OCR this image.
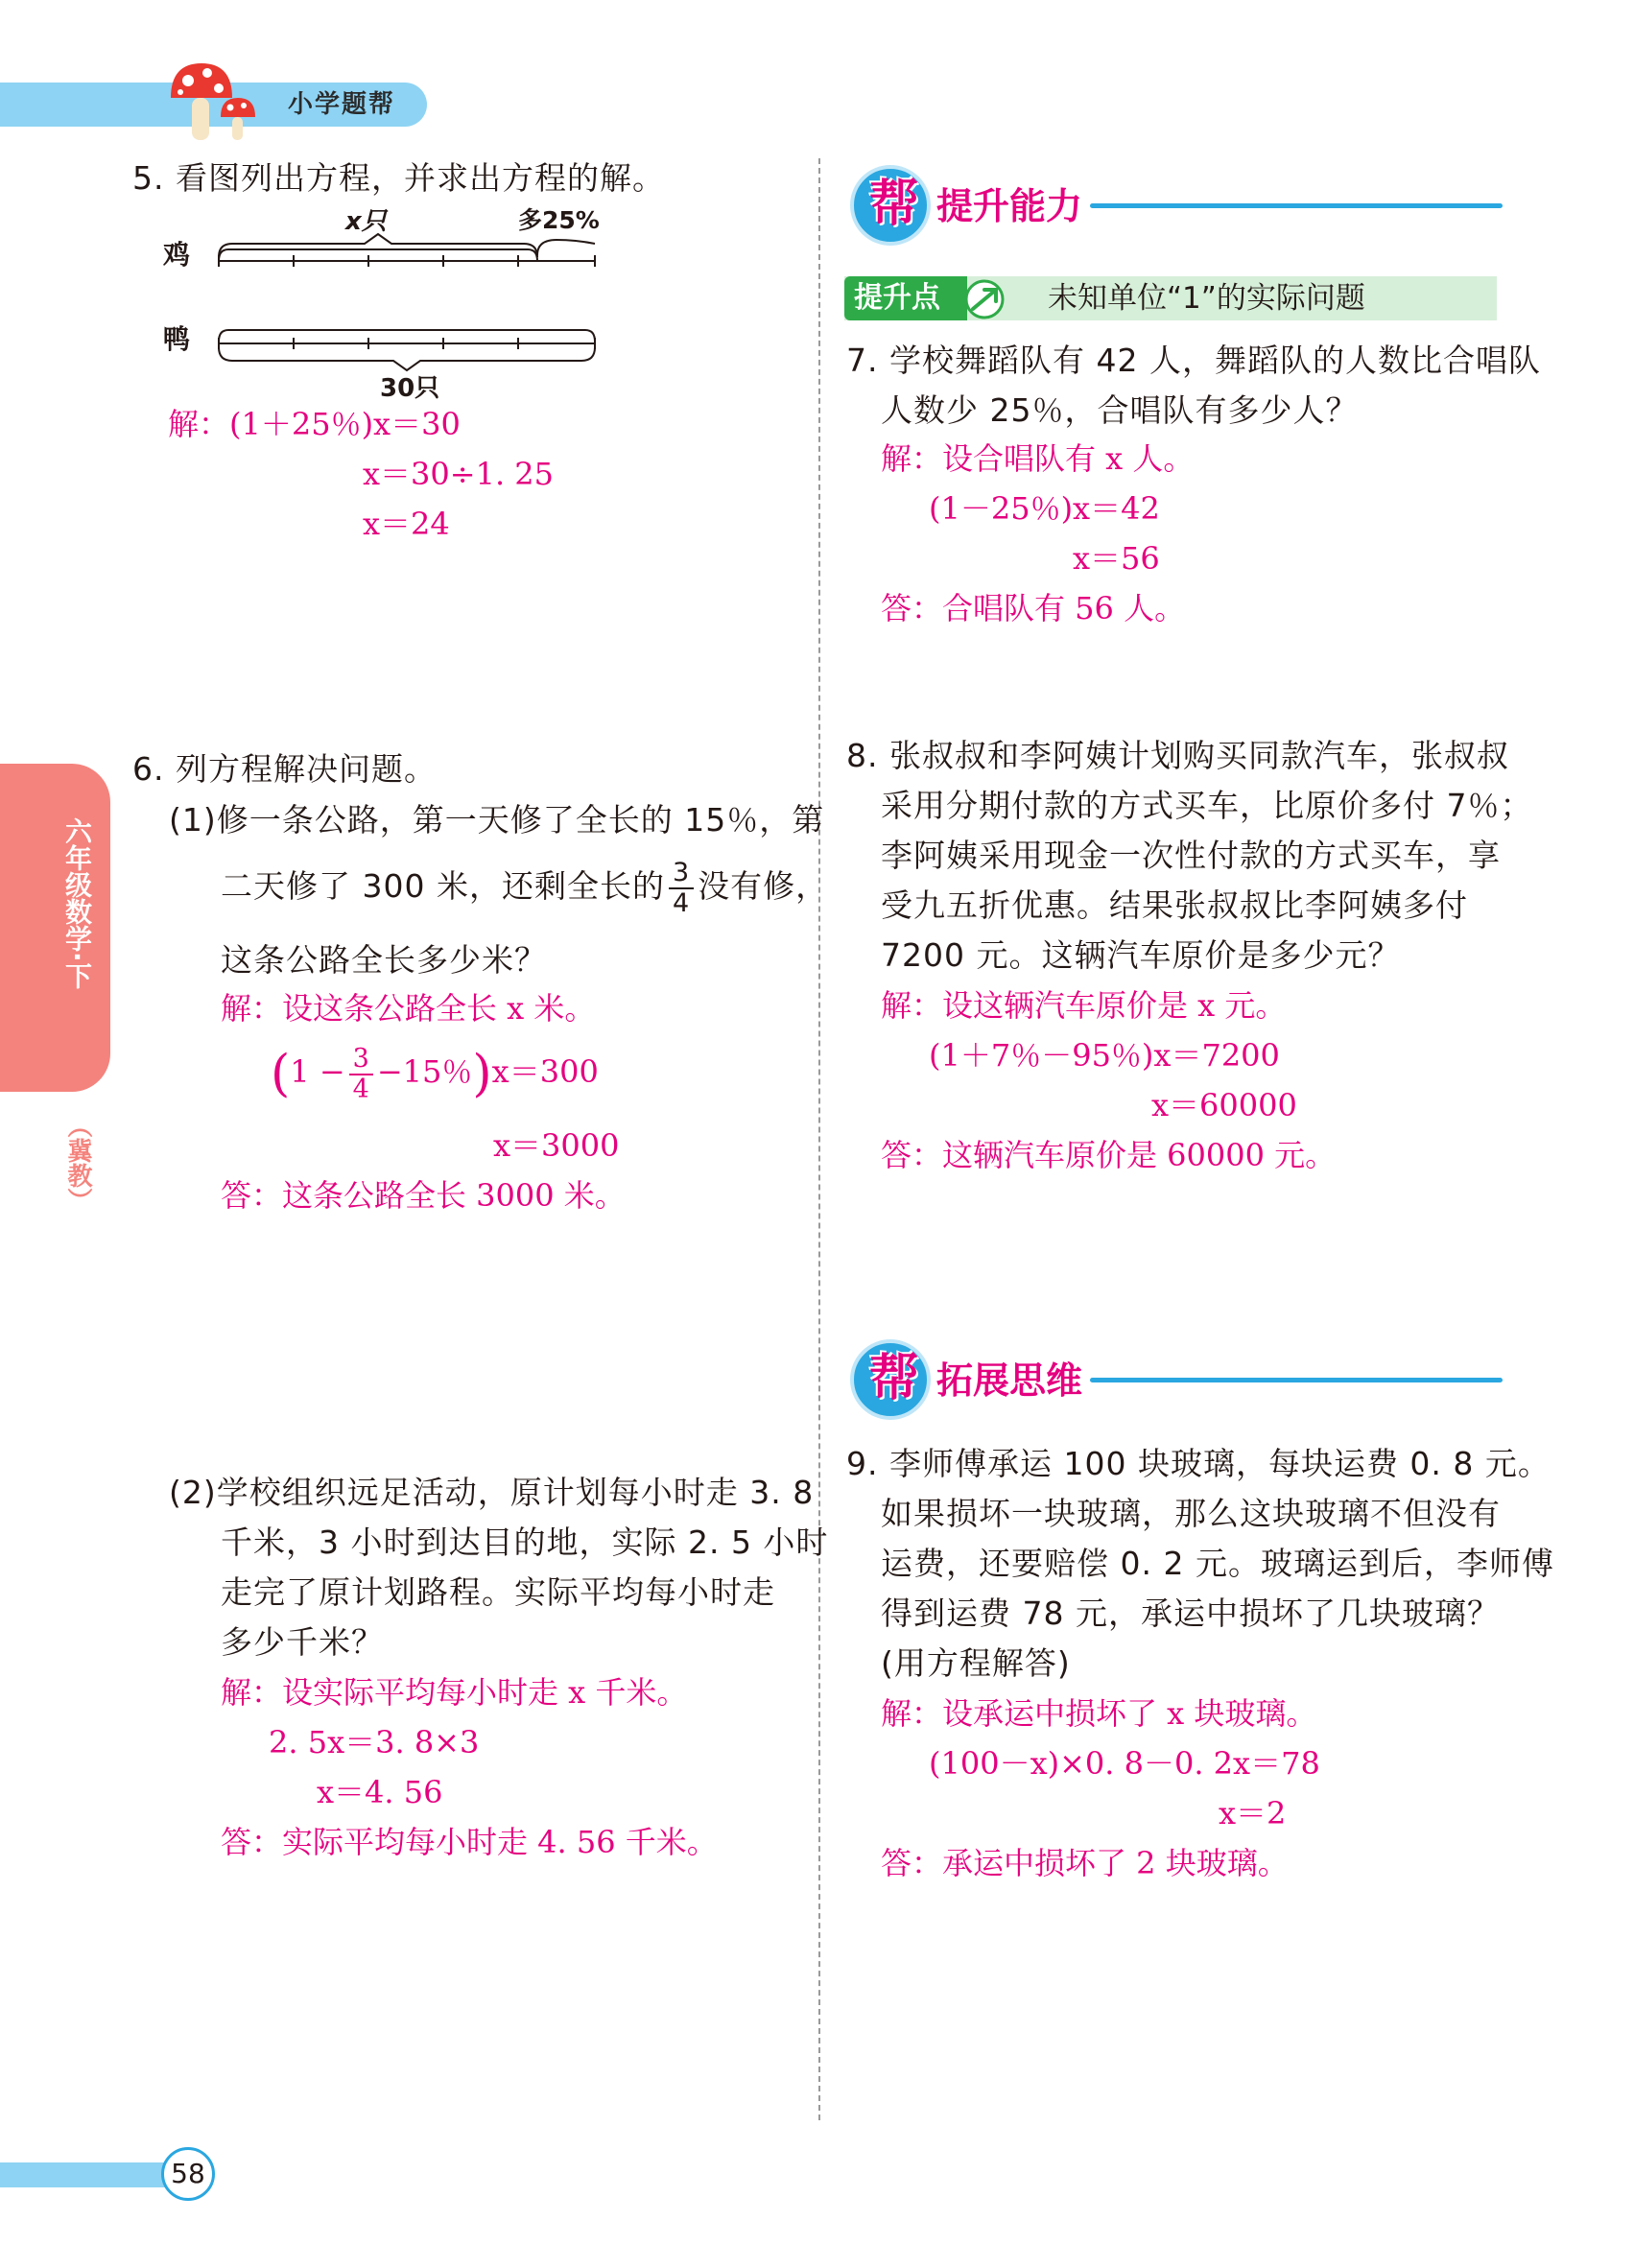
小学题帮
六年级数学·下
（冀教）
5. 看图列出方程，并求出方程的解。
鸡
鸭
x只	多25%
30只
解：(1＋25％)x＝30
x＝30÷1. 25
x＝24
6. 列方程解决问题。
(1)修一条公路，第一天修了全长的 15％，第
二天修了 300 米，还剩全长的 $\frac{3}{4}$ 没有修，
这条公路全长多少米？
解：设这条公路全长 x 米。
($1 - \frac{3}{4} -15$％)x＝300
x＝3000
答：这条公路全长 3000 米。
(2)学校组织远足活动，原计划每小时走 3. 8
千米，3 小时到达目的地，实际 2. 5 小时
走完了原计划路程。实际平均每小时走
多少千米？
解：设实际平均每小时走 x 千米。
2. 5x＝3. 8×3
x＝4. 56
答：实际平均每小时走 4. 56 千米。
帮 提升能力
提升点	未知单位“1”的实际问题
7. 学校舞蹈队有 42 人，舞蹈队的人数比合唱队
人数少 25％，合唱队有多少人？
解：设合唱队有 x 人。
(1－25％)x＝42
x＝56
答：合唱队有 56 人。
8. 张叔叔和李阿姨计划购买同款汽车，张叔叔
采用分期付款的方式买车，比原价多付 7％；
李阿姨采用现金一次性付款的方式买车，享
受九五折优惠。结果张叔叔比李阿姨多付
7200 元。这辆汽车原价是多少元？
解：设这辆汽车原价是 x 元。
(1＋7％－95％)x＝7200
x＝60000
答：这辆汽车原价是 60000 元。
帮 拓展思维
9. 李师傅承运 100 块玻璃，每块运费 0. 8 元。
如果损坏一块玻璃，那么这块玻璃不但没有
运费，还要赔偿 0. 2 元。玻璃运到后，李师傅
得到运费 78 元，承运中损坏了几块玻璃？
(用方程解答)
解：设承运中损坏了 x 块玻璃。
(100－x)×0. 8－0. 2x＝78
x＝2
答：承运中损坏了 2 块玻璃。
58
